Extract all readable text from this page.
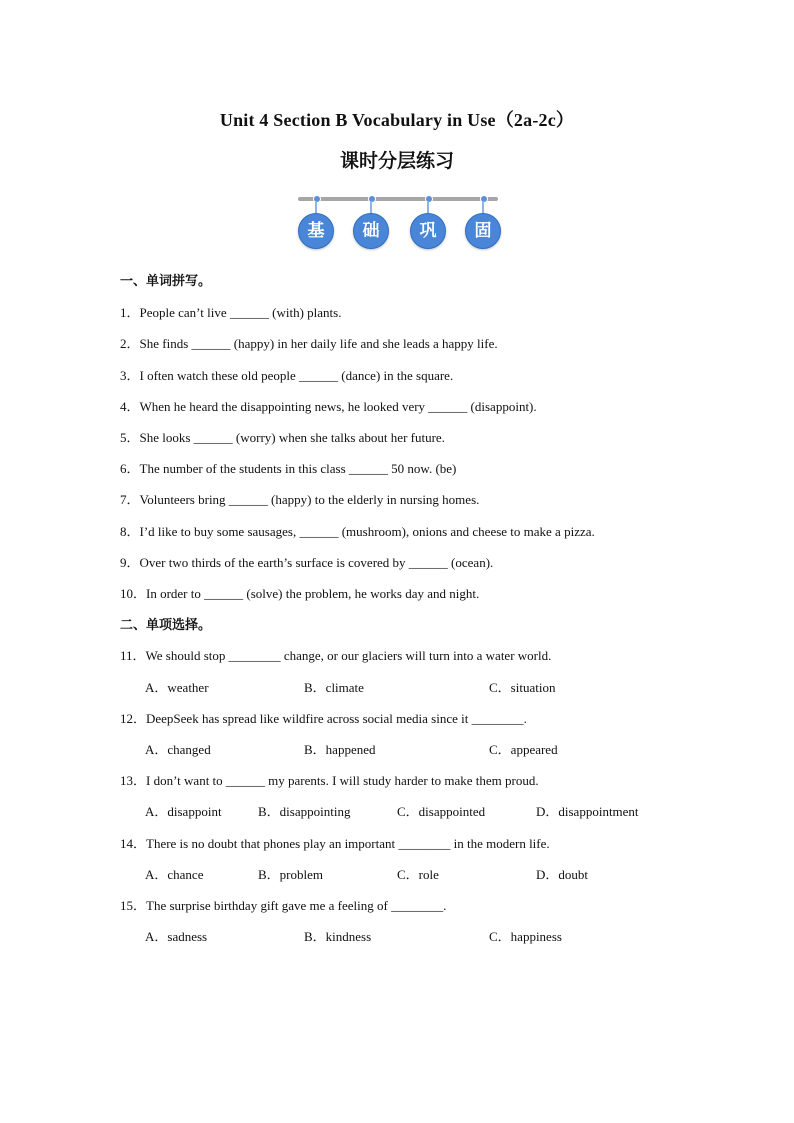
Unit 4 Section B Vocabulary in Use（2a-2c）
课时分层练习
基	础	巩	固
一、单词拼写。
1．People can’t live ______ (with) plants.
2．She finds ______ (happy) in her daily life and she leads a happy life.
3．I often watch these old people ______ (dance) in the square.
4．When he heard the disappointing news, he looked very ______ (disappoint).
5．She looks ______ (worry) when she talks about her future.
6．The number of the students in this class ______ 50 now. (be)
7．Volunteers bring ______ (happy) to the elderly in nursing homes.
8．I’d like to buy some sausages, ______ (mushroom), onions and cheese to make a pizza.
9．Over two thirds of the earth’s surface is covered by ______ (ocean).
10．In order to ______ (solve) the problem, he works day and night.
二、单项选择。
11．We should stop ________ change, or our glaciers will turn into a water world.
A．weather	B．climate	C．situation
12．DeepSeek has spread like wildfire across social media since it ________.
A．changed	B．happened	C．appeared
13．I don’t want to ______ my parents. I will study harder to make them proud.
A．disappoint	B．disappointing	C．disappointed	D．disappointment
14．There is no doubt that phones play an important ________ in the modern life.
A．chance	B．problem	C．role	D．doubt
15．The surprise birthday gift gave me a feeling of ________.
A．sadness	B．kindness	C．happiness
